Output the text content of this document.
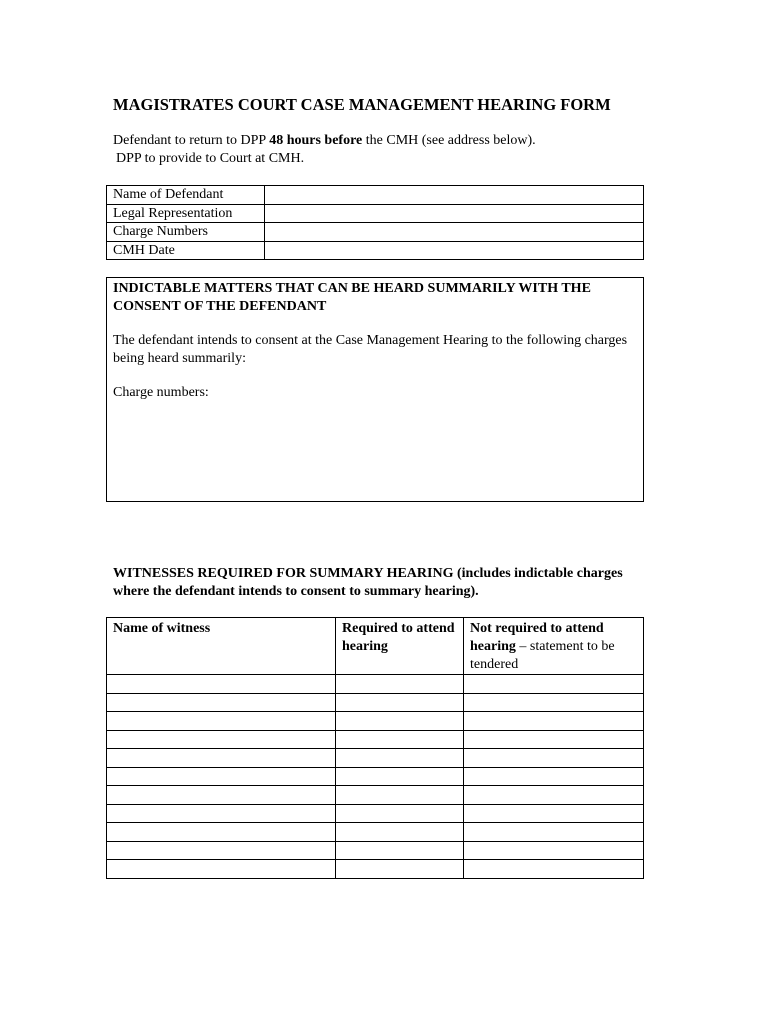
MAGISTRATES COURT CASE MANAGEMENT HEARING FORM

Defendant to return to DPP 48 hours before the CMH (see address below).

DPP to provide to Court at CMH.

Name of Defendant	
Legal Representation	
Charge Numbers	
CMH Date	

INDICTABLE MATTERS THAT CAN BE HEARD SUMMARILY WITH THE CONSENT OF THE DEFENDANT

The defendant intends to consent at the Case Management Hearing to the following charges being heard summarily:

Charge numbers:

WITNESSES REQUIRED FOR SUMMARY HEARING (includes indictable charges where the defendant intends to consent to summary hearing).
Name of witness	Required to attend hearing	Not required to attend hearing – statement to be tendered
